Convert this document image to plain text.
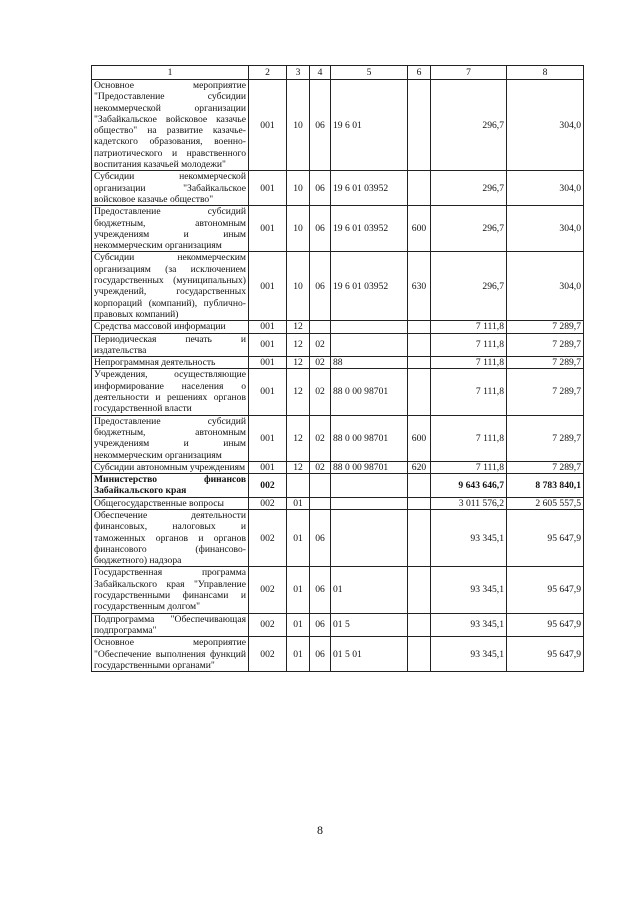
1	2	3	4	5	6	7	8
Основное мероприятие "Предоставление субсидии некоммерческой организации "Забайкальское войсковое казачье общество" на развитие казачье-кадетского образования, военно-патриотического и нравственного воспитания казачьей молодежи"	001	10	06	19 6 01		296,7	304,0
Субсидии некоммерческой организации "Забайкальское войсковое казачье общество"	001	10	06	19 6 01 03952		296,7	304,0
Предоставление субсидий бюджетным, автономным учреждениям и иным некоммерческим организациям	001	10	06	19 6 01 03952	600	296,7	304,0
Субсидии некоммерческим организациям (за исключением государственных (муниципальных) учреждений, государственных корпораций (компаний), публично-правовых компаний)	001	10	06	19 6 01 03952	630	296,7	304,0
Средства массовой информации	001	12				7 111,8	7 289,7
Периодическая печать и издательства	001	12	02			7 111,8	7 289,7
Непрограммная деятельность	001	12	02	88		7 111,8	7 289,7
Учреждения, осуществляющие информирование населения о деятельности и решениях органов государственной власти	001	12	02	88 0 00 98701		7 111,8	7 289,7
Предоставление субсидий бюджетным, автономным учреждениям и иным некоммерческим организациям	001	12	02	88 0 00 98701	600	7 111,8	7 289,7
Субсидии автономным учреждениям	001	12	02	88 0 00 98701	620	7 111,8	7 289,7
Министерство финансов Забайкальского края	002					9 643 646,7	8 783 840,1
Общегосударственные вопросы	002	01				3 011 576,2	2 605 557,5
Обеспечение деятельности финансовых, налоговых и таможенных органов и органов финансового (финансово-бюджетного) надзора	002	01	06			93 345,1	95 647,9
Государственная программа Забайкальского края "Управление государственными финансами и государственным долгом"	002	01	06	01		93 345,1	95 647,9
Подпрограмма "Обеспечивающая подпрограмма"	002	01	06	01 5		93 345,1	95 647,9
Основное мероприятие "Обеспечение выполнения функций государственными органами"	002	01	06	01 5 01		93 345,1	95 647,9
8
